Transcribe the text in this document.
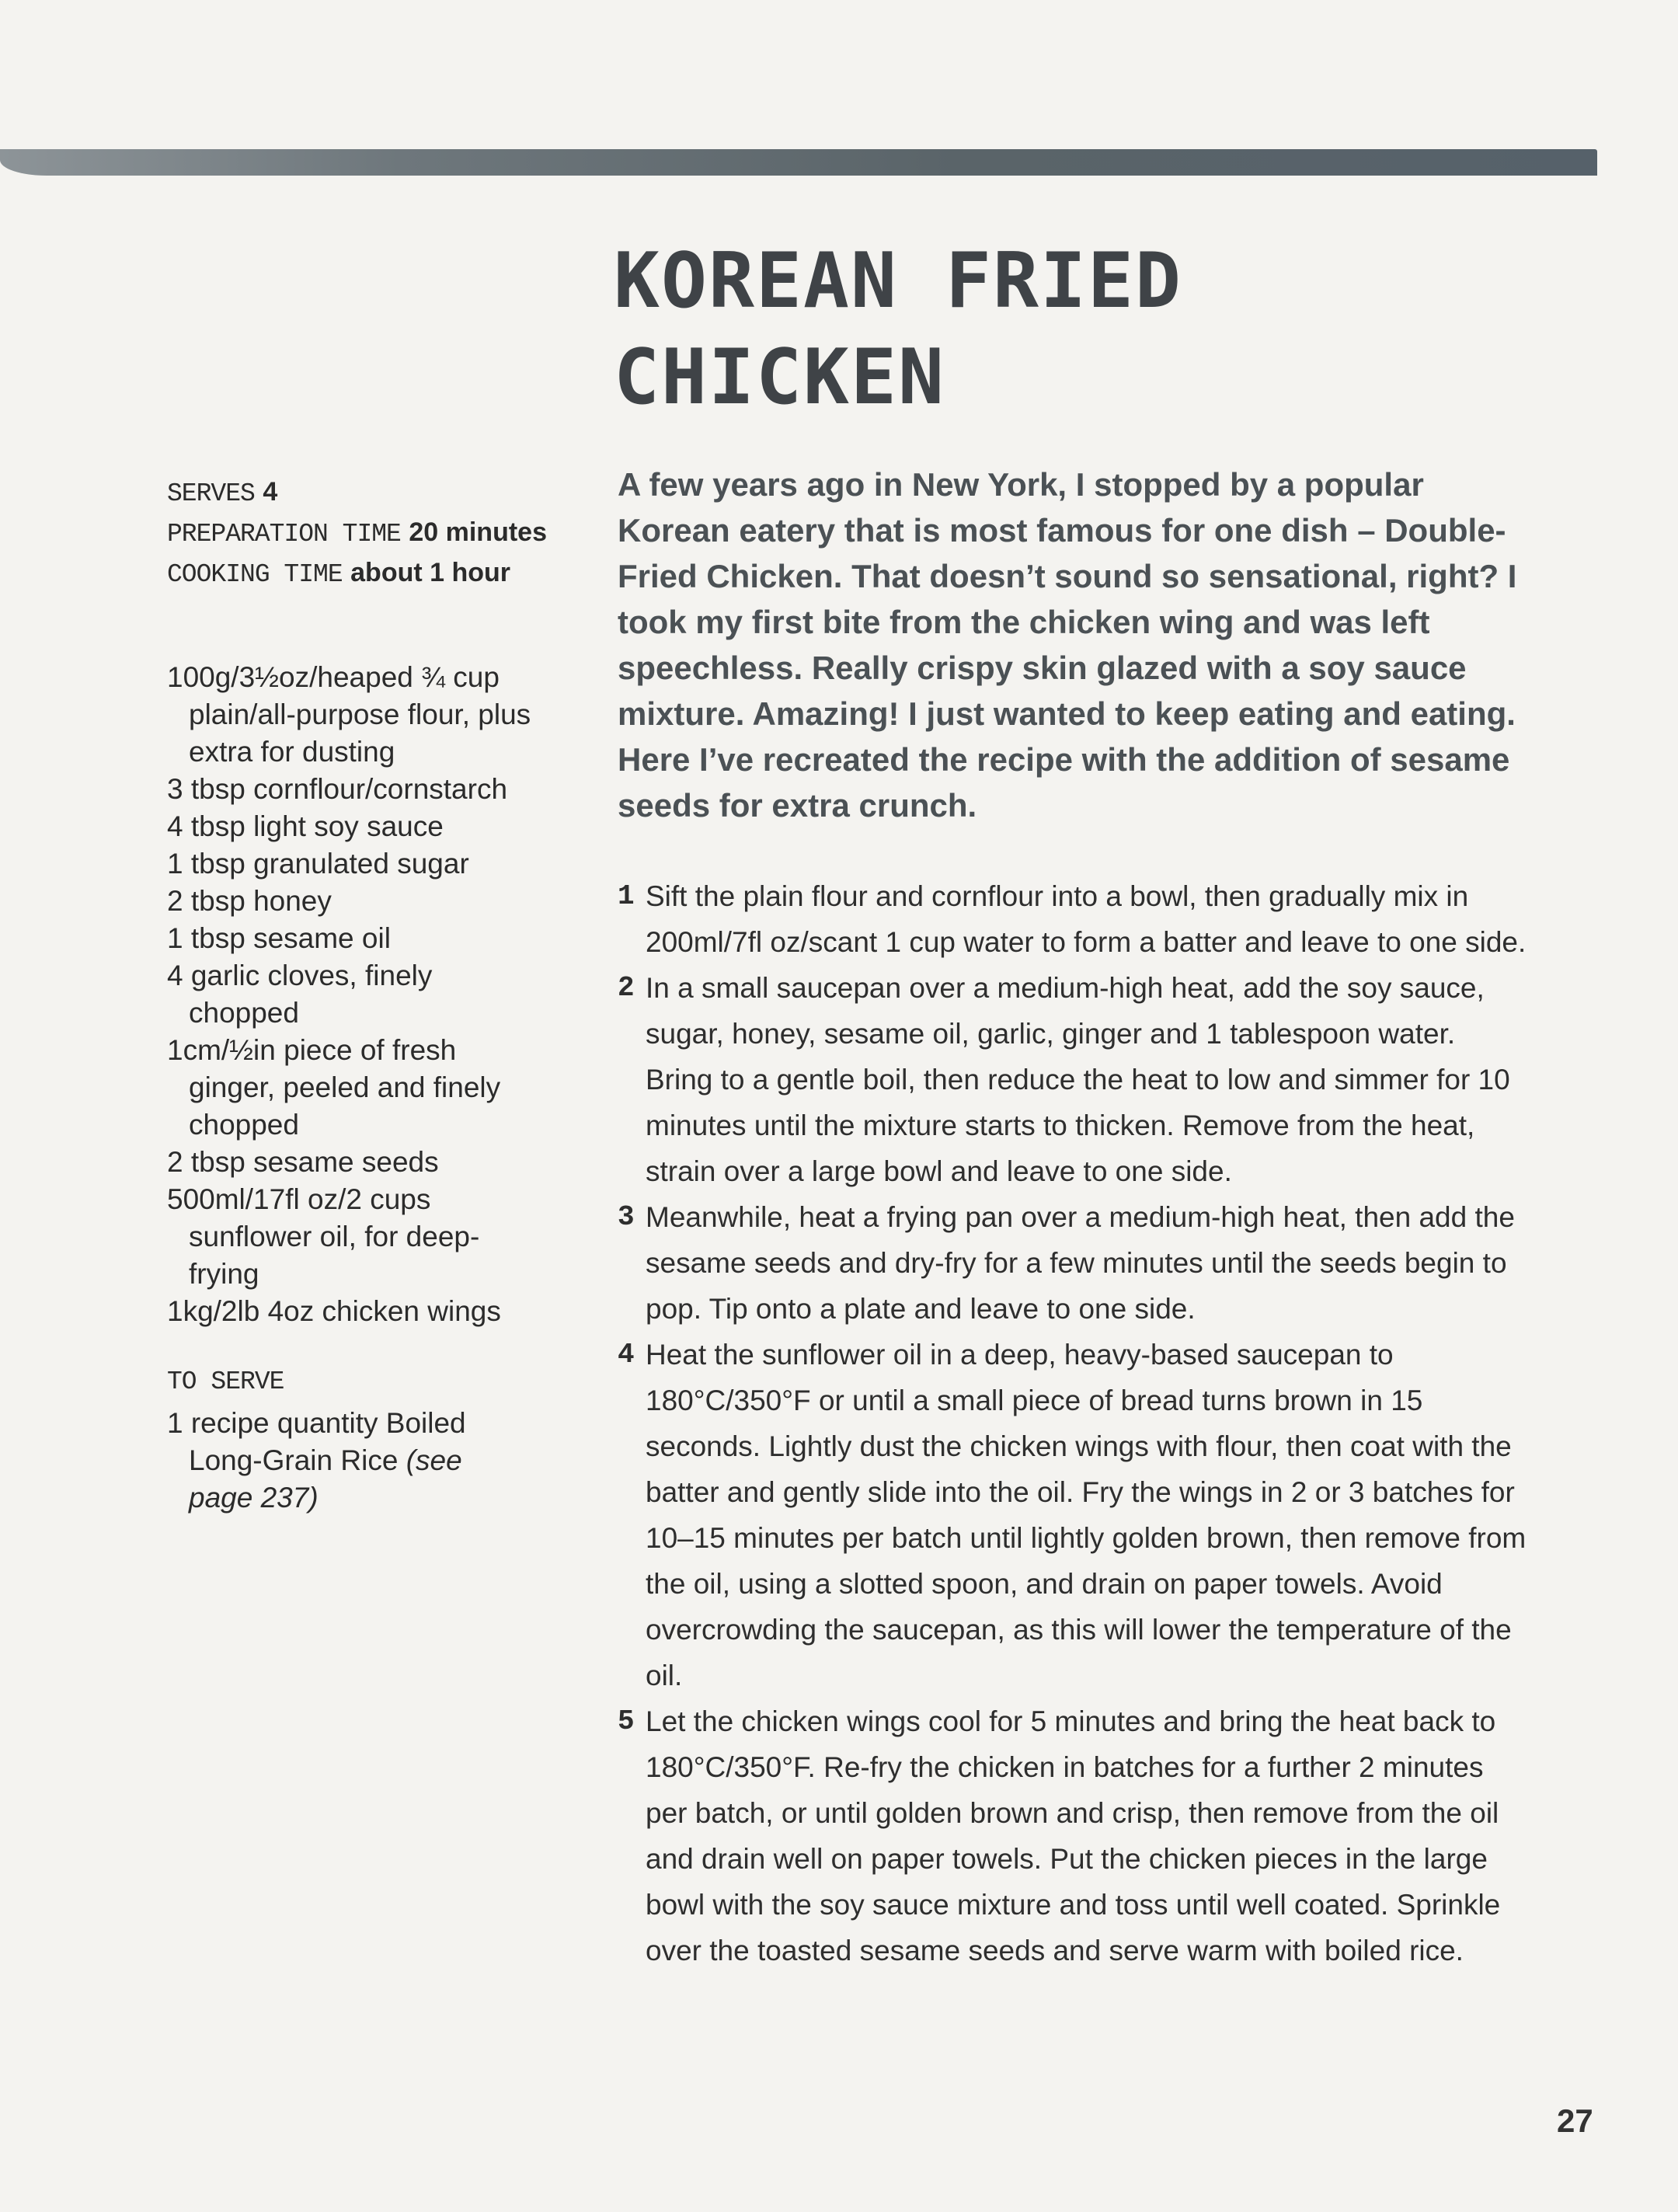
KOREAN FRIED
CHICKEN
SERVES 4
PREPARATION TIME 20 minutes
COOKING TIME about 1 hour
100g/3½oz/heaped ¾ cup plain/all-purpose flour, plus extra for dusting
3 tbsp cornflour/cornstarch
4 tbsp light soy sauce
1 tbsp granulated sugar
2 tbsp honey
1 tbsp sesame oil
4 garlic cloves, finely chopped
1cm/½in piece of fresh ginger, peeled and finely chopped
2 tbsp sesame seeds
500ml/17fl oz/2 cups sunflower oil, for deep-frying
1kg/2lb 4oz chicken wings
TO SERVE
1 recipe quantity Boiled Long-Grain Rice (see page 237)

A few years ago in New York, I stopped by a popular Korean eatery that is most famous for one dish – Double-Fried Chicken. That doesn’t sound so sensational, right? I took my first bite from the chicken wing and was left speechless. Really crispy skin glazed with a soy sauce mixture. Amazing! I just wanted to keep eating and eating. Here I’ve recreated the recipe with the addition of sesame seeds for extra crunch.

1 Sift the plain flour and cornflour into a bowl, then gradually mix in 200ml/7fl oz/scant 1 cup water to form a batter and leave to one side.
2 In a small saucepan over a medium-high heat, add the soy sauce, sugar, honey, sesame oil, garlic, ginger and 1 tablespoon water. Bring to a gentle boil, then reduce the heat to low and simmer for 10 minutes until the mixture starts to thicken. Remove from the heat, strain over a large bowl and leave to one side.
3 Meanwhile, heat a frying pan over a medium-high heat, then add the sesame seeds and dry-fry for a few minutes until the seeds begin to pop. Tip onto a plate and leave to one side.
4 Heat the sunflower oil in a deep, heavy-based saucepan to 180°C/350°F or until a small piece of bread turns brown in 15 seconds. Lightly dust the chicken wings with flour, then coat with the batter and gently slide into the oil. Fry the wings in 2 or 3 batches for 10–15 minutes per batch until lightly golden brown, then remove from the oil, using a slotted spoon, and drain on paper towels. Avoid overcrowding the saucepan, as this will lower the temperature of the oil.
5 Let the chicken wings cool for 5 minutes and bring the heat back to 180°C/350°F. Re-fry the chicken in batches for a further 2 minutes per batch, or until golden brown and crisp, then remove from the oil and drain well on paper towels. Put the chicken pieces in the large bowl with the soy sauce mixture and toss until well coated. Sprinkle over the toasted sesame seeds and serve warm with boiled rice.
27
